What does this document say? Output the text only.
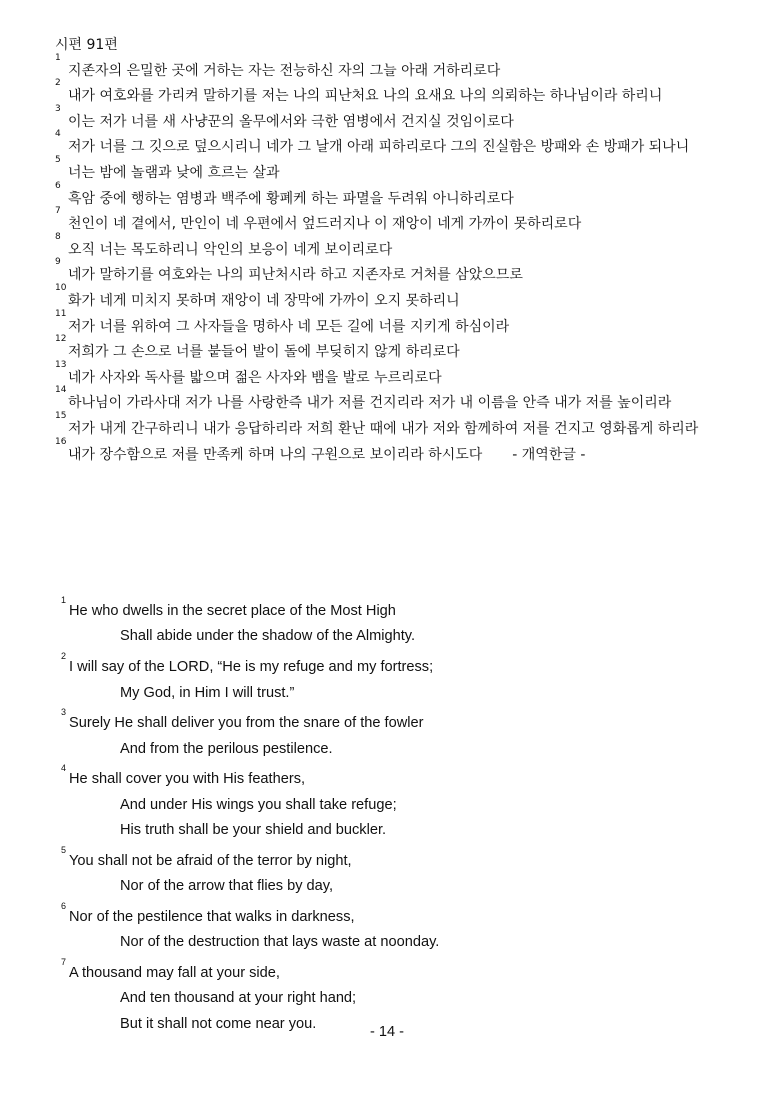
시편 91편
1
지존자의 은밀한 곳에 거하는 자는 전능하신 자의 그늘 아래 거하리로다
2
내가 여호와를 가리켜 말하기를 저는 나의 피난처요 나의 요새요 나의 의뢰하는 하나님이라 하리니
3
이는 저가 너를 새 사냥꾼의 올무에서와 극한 염병에서 건지실 것임이로다
4
저가 너를 그 깃으로 덮으시리니 네가 그 날개 아래 피하리로다 그의 진실함은 방패와 손 방패가 되나니
5
너는 밤에 놀램과 낮에 흐르는 살과
6
흑암 중에 행하는 염병과 백주에 황폐케 하는 파멸을 두려워 아니하리로다
7
천인이 네 곁에서, 만인이 네 우편에서 엎드러지나 이 재앙이 네게 가까이 못하리로다
8
오직 너는 목도하리니 악인의 보응이 네게 보이리로다
9
네가 말하기를 여호와는 나의 피난처시라 하고 지존자로 거처를 삼았으므로
10
화가 네게 미치지 못하며 재앙이 네 장막에 가까이 오지 못하리니
11
저가 너를 위하여 그 사자들을 명하사 네 모든 길에 너를 지키게 하심이라
12
저희가 그 손으로 너를 붙들어 발이 돌에 부딪히지 않게 하리로다
13
네가 사자와 독사를 밟으며 젊은 사자와 뱀을 발로 누르리로다
14
하나님이 가라사대 저가 나를 사랑한즉 내가 저를 건지리라 저가 내 이름을 안즉 내가 저를 높이리라
15
저가 내게 간구하리니 내가 응답하리라 저희 환난 때에 내가 저와 함께하여 저를 건지고 영화롭게 하리라
16
내가 장수함으로 저를 만족케 하며 나의 구원으로 보이리라 하시도다 - 개역한글 -
$^1$He who dwells in the secret place of the Most High
Shall abide under the shadow of the Almighty.
$^2$I will say of the LORD, “He is my refuge and my fortress;
My God, in Him I will trust.”
$^3$Surely He shall deliver you from the snare of the fowler
And from the perilous pestilence.
$^4$He shall cover you with His feathers,
And under His wings you shall take refuge;
His truth shall be your shield and buckler.
$^5$You shall not be afraid of the terror by night,
Nor of the arrow that flies by day,
$^6$Nor of the pestilence that walks in darkness,
Nor of the destruction that lays waste at noonday.
$^7$A thousand may fall at your side,
And ten thousand at your right hand;
But it shall not come near you.
- 14 -
